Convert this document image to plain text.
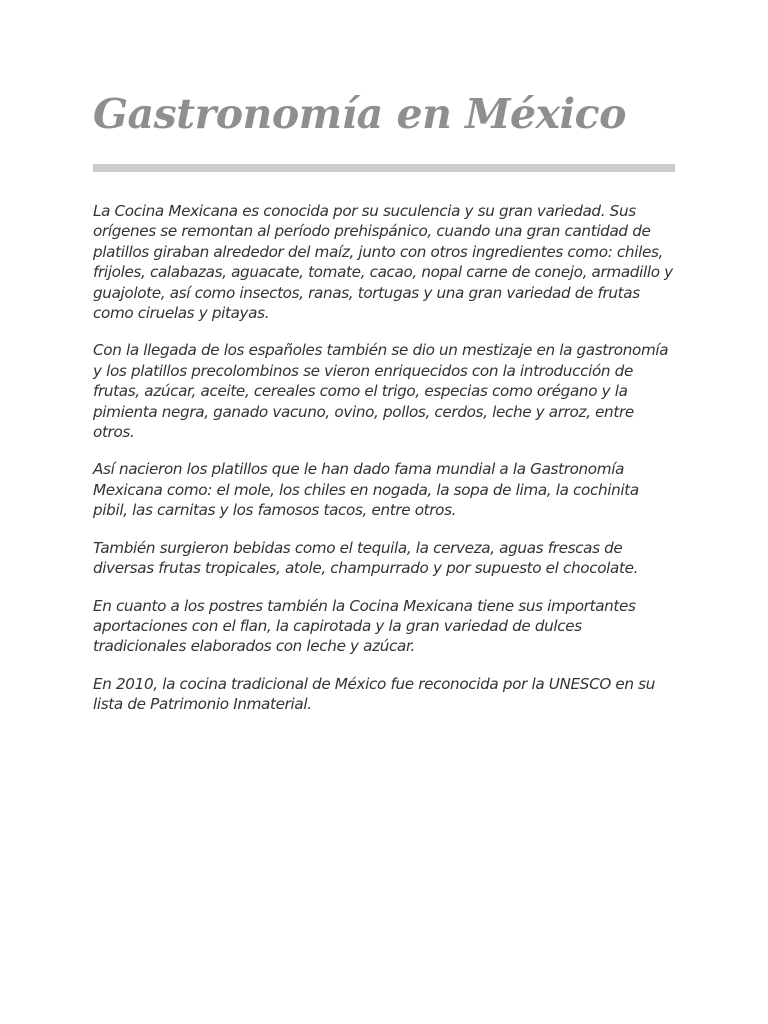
Gastronomía en México

La Cocina Mexicana es conocida por su suculencia y su gran variedad. Sus orígenes se remontan al período prehispánico, cuando una gran cantidad de platillos giraban alrededor del maíz, junto con otros ingredientes como: chiles, frijoles, calabazas, aguacate, tomate, cacao, nopal carne de conejo, armadillo y guajolote, así como insectos, ranas, tortugas y una gran variedad de frutas como ciruelas y pitayas.

Con la llegada de los españoles también se dio un mestizaje en la gastronomía y los platillos precolombinos se vieron enriquecidos con la introducción de frutas, azúcar, aceite, cereales como el trigo, especias como orégano y la pimienta negra, ganado vacuno, ovino, pollos, cerdos, leche y arroz, entre otros.

Así nacieron los platillos que le han dado fama mundial a la Gastronomía Mexicana como: el mole, los chiles en nogada, la sopa de lima, la cochinita pibil, las carnitas y los famosos tacos, entre otros.

También surgieron bebidas como el tequila, la cerveza, aguas frescas de diversas frutas tropicales, atole, champurrado y por supuesto el chocolate.

En cuanto a los postres también la Cocina Mexicana tiene sus importantes aportaciones con el flan, la capirotada y la gran variedad de dulces tradicionales elaborados con leche y azúcar.

En 2010, la cocina tradicional de México fue reconocida por la UNESCO en su lista de Patrimonio Inmaterial.
